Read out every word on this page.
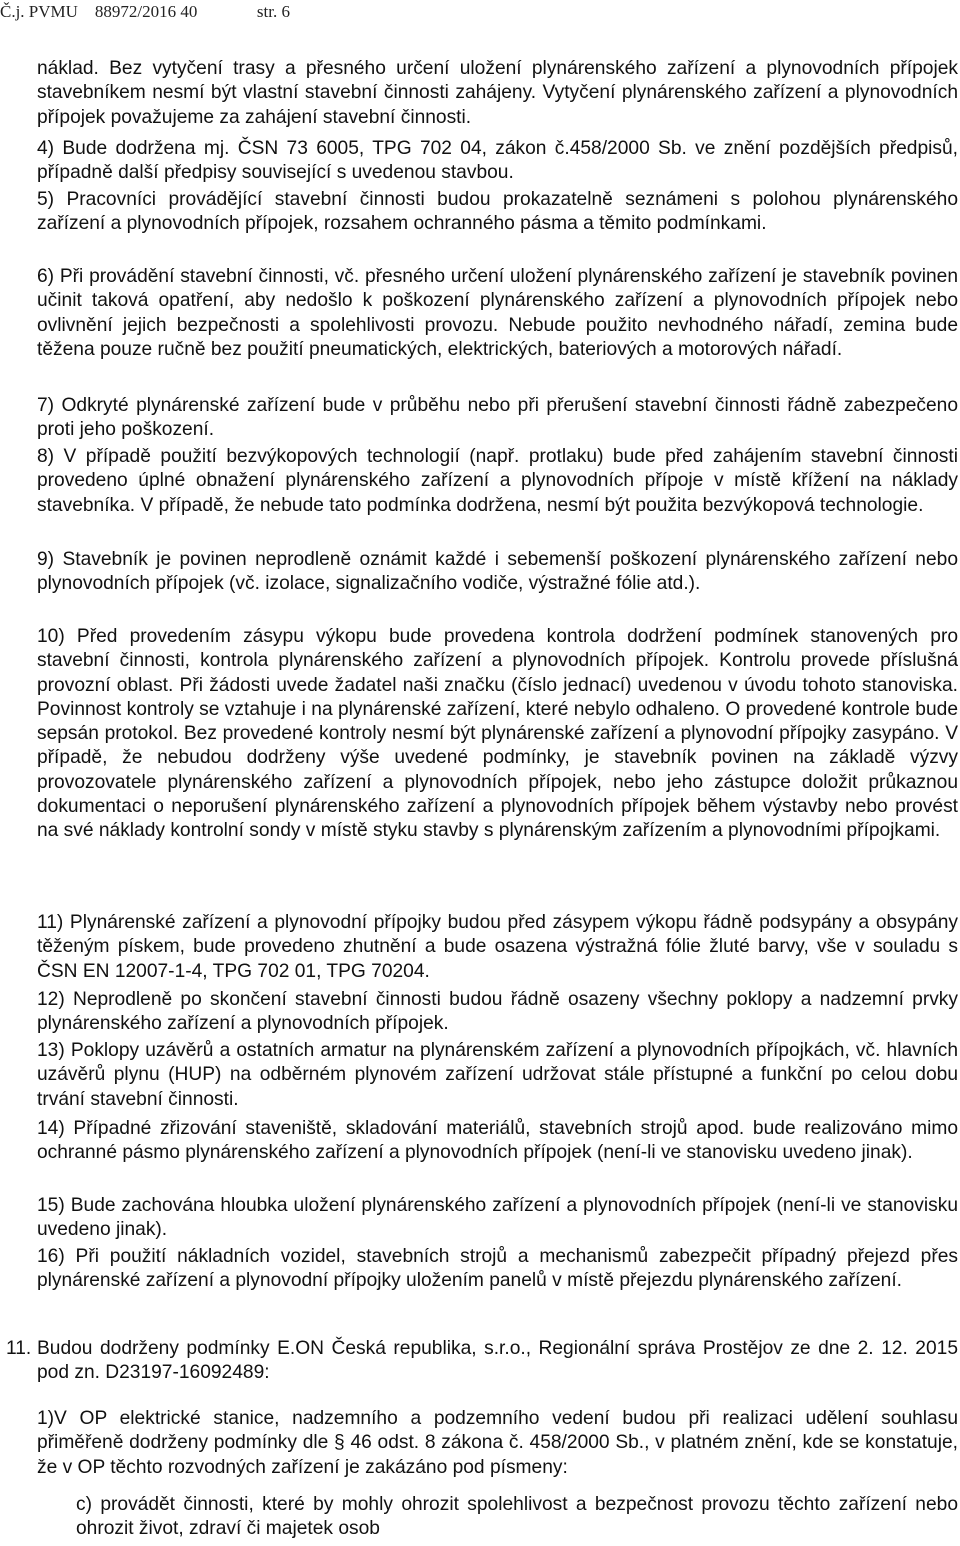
Č.j. PVMU    88972/2016 40              str. 6

náklad. Bez vytyčení trasy a přesného určení uložení plynárenského zařízení a plynovodních přípojek stavebníkem nesmí být vlastní stavební činnosti zahájeny. Vytyčení plynárenského zařízení a plynovodních přípojek považujeme za zahájení stavební činnosti.

4) Bude dodržena mj. ČSN 73 6005, TPG 702 04, zákon č.458/2000 Sb. ve znění pozdějších předpisů, případně další předpisy související s uvedenou stavbou.

5) Pracovníci provádějící stavební činnosti budou prokazatelně seznámeni s polohou plynárenského zařízení a plynovodních přípojek, rozsahem ochranného pásma a těmito podmínkami.

6) Při provádění stavební činnosti, vč. přesného určení uložení plynárenského zařízení je stavebník povinen učinit taková opatření, aby nedošlo k poškození plynárenského zařízení a plynovodních přípojek nebo ovlivnění jejich bezpečnosti a spolehlivosti provozu. Nebude použito nevhodného nářadí, zemina bude těžena pouze ručně bez použití pneumatických, elektrických, bateriových a motorových nářadí.

7) Odkryté plynárenské zařízení bude v průběhu nebo při přerušení stavební činnosti řádně zabezpečeno proti jeho poškození.

8) V případě použití bezvýkopových technologií (např. protlaku) bude před zahájením stavební činnosti provedeno úplné obnažení plynárenského zařízení a plynovodních přípoje v místě křížení na náklady stavebníka. V případě, že nebude tato podmínka dodržena, nesmí být použita bezvýkopová technologie.

9) Stavebník je povinen neprodleně oznámit každé i sebemenší poškození plynárenského zařízení nebo plynovodních přípojek (vč. izolace, signalizačního vodiče, výstražné fólie atd.).

10) Před provedením zásypu výkopu bude provedena kontrola dodržení podmínek stanovených pro stavební činnosti, kontrola plynárenského zařízení a plynovodních přípojek. Kontrolu provede příslušná provozní oblast. Při žádosti uvede žadatel naši značku (číslo jednací) uvedenou v úvodu tohoto stanoviska. Povinnost kontroly se vztahuje i na plynárenské zařízení, které nebylo odhaleno. O provedené kontrole bude sepsán protokol. Bez provedené kontroly nesmí být plynárenské zařízení a plynovodní přípojky zasypáno. V případě, že nebudou dodrženy výše uvedené podmínky, je stavebník povinen na základě výzvy provozovatele plynárenského zařízení a plynovodních přípojek, nebo jeho zástupce doložit průkaznou dokumentaci o neporušení plynárenského zařízení a plynovodních přípojek během výstavby nebo provést na své náklady kontrolní sondy v místě styku stavby s plynárenským zařízením a plynovodními přípojkami.

11) Plynárenské zařízení a plynovodní přípojky budou před zásypem výkopu řádně podsypány a obsypány těženým pískem, bude provedeno zhutnění a bude osazena výstražná fólie žluté barvy, vše v souladu s ČSN EN 12007-1-4, TPG 702 01, TPG 70204.

12) Neprodleně po skončení stavební činnosti budou řádně osazeny všechny poklopy a nadzemní prvky plynárenského zařízení a plynovodních přípojek.

13) Poklopy uzávěrů a ostatních armatur na plynárenském zařízení a plynovodních přípojkách, vč. hlavních uzávěrů plynu (HUP) na odběrném plynovém zařízení udržovat stále přístupné a funkční po celou dobu trvání stavební činnosti.

14) Případné zřizování staveniště, skladování materiálů, stavebních strojů apod. bude realizováno mimo ochranné pásmo plynárenského zařízení a plynovodních přípojek (není-li ve stanovisku uvedeno jinak).

15) Bude zachována hloubka uložení plynárenského zařízení a plynovodních přípojek (není-li ve stanovisku uvedeno jinak).

16) Při použití nákladních vozidel, stavebních strojů a mechanismů zabezpečit případný přejezd přes plynárenské zařízení a plynovodní přípojky uložením panelů v místě přejezdu plynárenského zařízení.

11. Budou dodrženy podmínky E.ON Česká republika, s.r.o., Regionální správa Prostějov ze dne 2. 12. 2015 pod zn. D23197-16092489:

1)V OP elektrické stanice, nadzemního a podzemního vedení budou při realizaci udělení souhlasu přiměřeně dodrženy podmínky dle § 46 odst. 8 zákona č. 458/2000 Sb., v platném znění, kde se konstatuje, že v OP těchto rozvodných zařízení je zakázáno pod písmeny:

c) provádět činnosti, které by mohly ohrozit spolehlivost a bezpečnost provozu těchto zařízení nebo ohrozit život, zdraví či majetek osob
